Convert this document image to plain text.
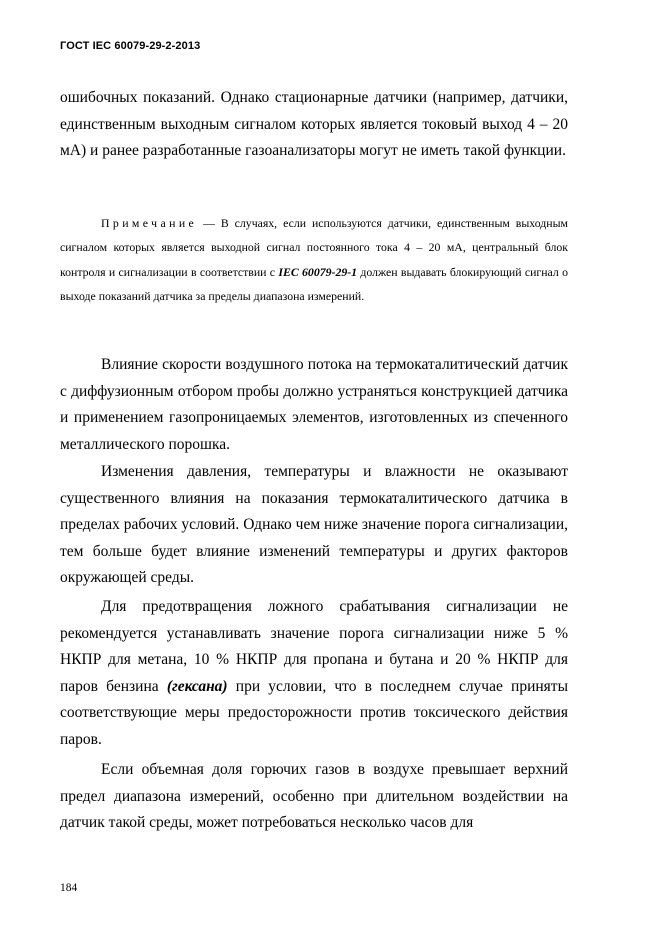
ГОСТ IEC 60079-29-2-2013

ошибочных показаний. Однако стационарные датчики (например, датчики, единственным выходным сигналом которых является токовый выход 4 – 20 мА) и ранее разработанные газоанализаторы могут не иметь такой функции.

Примечание — В случаях, если используются датчики, единственным выходным сигналом которых является выходной сигнал постоянного тока 4 – 20 мА, центральный блок контроля и сигнализации в соответствии с IEC 60079-29-1 должен выдавать блокирующий сигнал о выходе показаний датчика за пределы диапазона измерений.

Влияние скорости воздушного потока на термокаталитический датчик с диффузионным отбором пробы должно устраняться конструкцией датчика и применением газопроницаемых элементов, изготовленных из спеченного металлического порошка.

Изменения давления, температуры и влажности не оказывают существенного влияния на показания термокаталитического датчика в пределах рабочих условий. Однако чем ниже значение порога сигнализации, тем больше будет влияние изменений температуры и других факторов окружающей среды.

Для предотвращения ложного срабатывания сигнализации не рекомендуется устанавливать значение порога сигнализации ниже 5 % НКПР для метана, 10 % НКПР для пропана и бутана и 20 % НКПР для паров бензина (гексана) при условии, что в последнем случае приняты соответствующие меры предосторожности против токсического действия паров.

Если объемная доля горючих газов в воздухе превышает верхний предел диапазона измерений, особенно при длительном воздействии на датчик такой среды, может потребоваться несколько часов для

184
